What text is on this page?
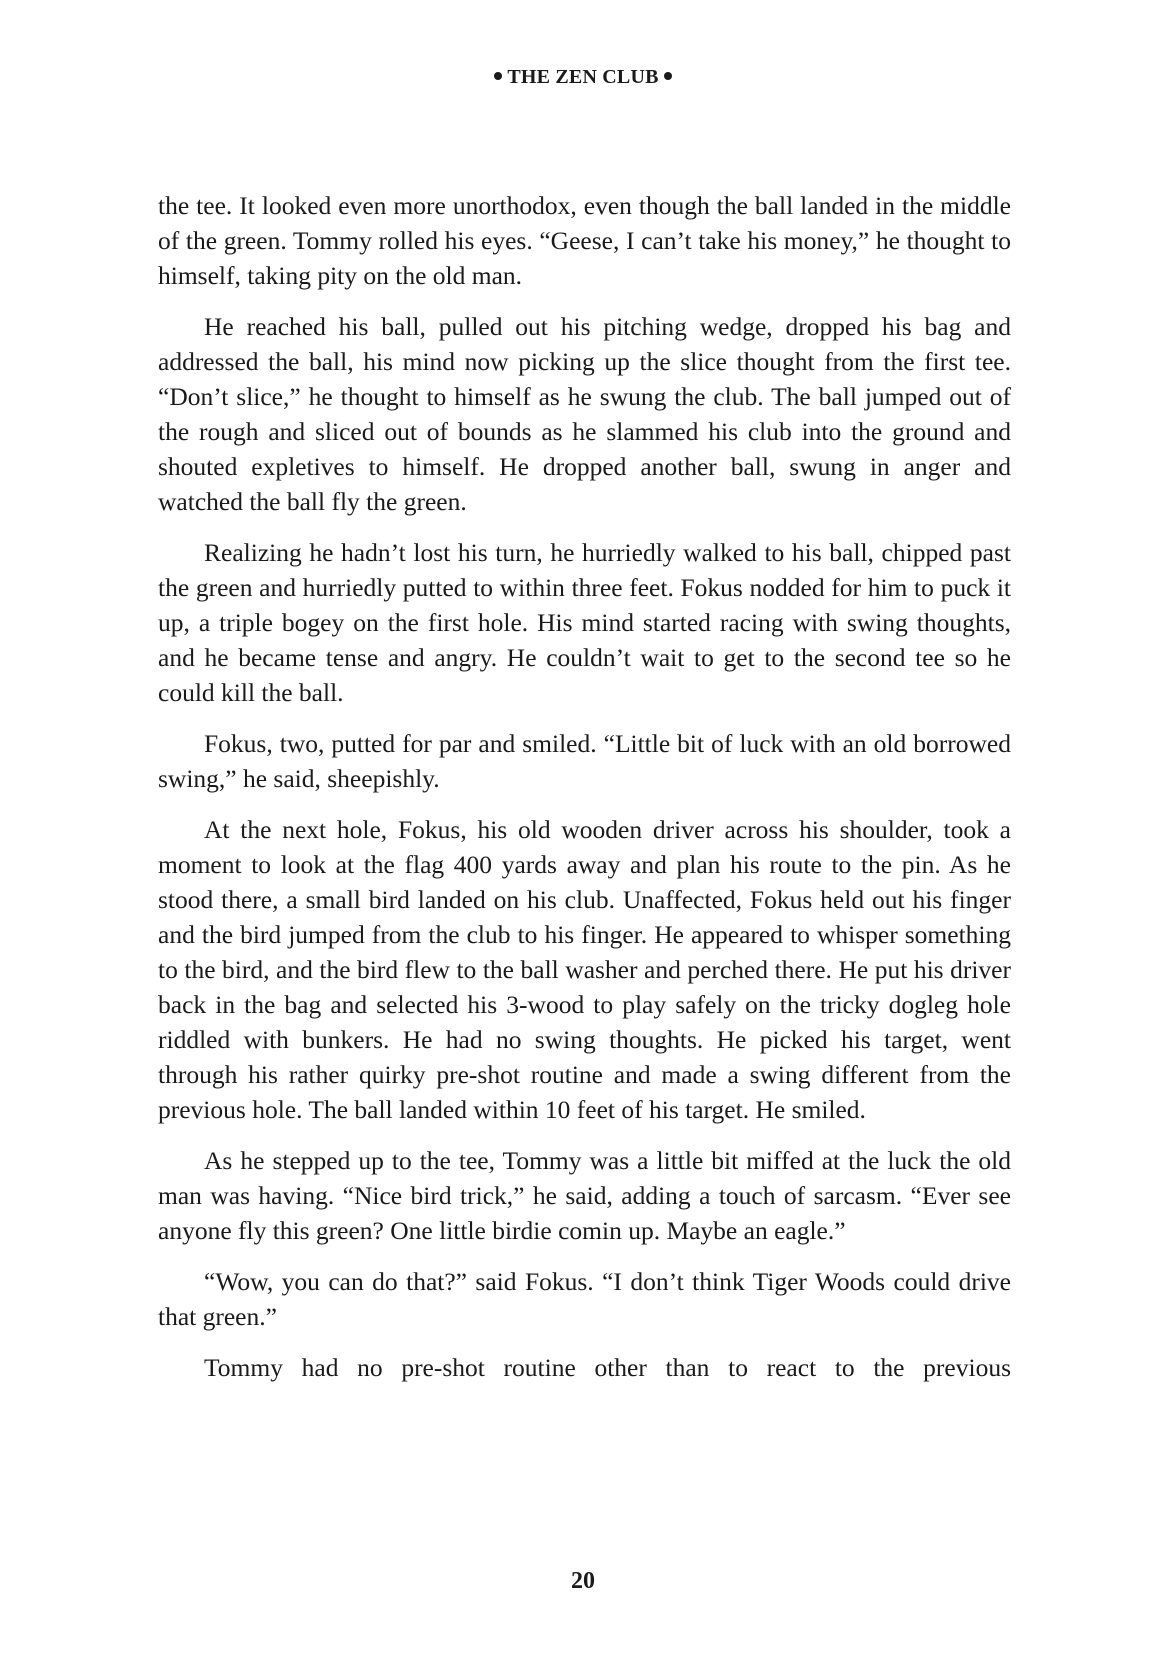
THE ZEN CLUB

the tee. It looked even more unorthodox, even though the ball landed in the middle of the green. Tommy rolled his eyes. “Geese, I can’t take his money,” he thought to himself, taking pity on the old man.

He reached his ball, pulled out his pitching wedge, dropped his bag and addressed the ball, his mind now picking up the slice thought from the first tee. “Don’t slice,” he thought to himself as he swung the club. The ball jumped out of the rough and sliced out of bounds as he slammed his club into the ground and shouted expletives to himself. He dropped another ball, swung in anger and watched the ball fly the green.

Realizing he hadn’t lost his turn, he hurriedly walked to his ball, chipped past the green and hurriedly putted to within three feet. Fokus nodded for him to puck it up, a triple bogey on the first hole. His mind started racing with swing thoughts, and he became tense and angry. He couldn’t wait to get to the second tee so he could kill the ball.

Fokus, two, putted for par and smiled. “Little bit of luck with an old borrowed swing,” he said, sheepishly.

At the next hole, Fokus, his old wooden driver across his shoulder, took a moment to look at the flag 400 yards away and plan his route to the pin. As he stood there, a small bird landed on his club. Unaffected, Fokus held out his finger and the bird jumped from the club to his finger. He appeared to whisper something to the bird, and the bird flew to the ball washer and perched there. He put his driver back in the bag and selected his 3-wood to play safely on the tricky dogleg hole riddled with bunkers. He had no swing thoughts. He picked his target, went through his rather quirky pre-shot routine and made a swing different from the previous hole. The ball landed within 10 feet of his target. He smiled.

As he stepped up to the tee, Tommy was a little bit miffed at the luck the old man was having. “Nice bird trick,” he said, adding a touch of sarcasm. “Ever see anyone fly this green? One little birdie comin up. Maybe an eagle.”

“Wow, you can do that?” said Fokus. “I don’t think Tiger Woods could drive that green.”

Tommy had no pre-shot routine other than to react to the previous

20
